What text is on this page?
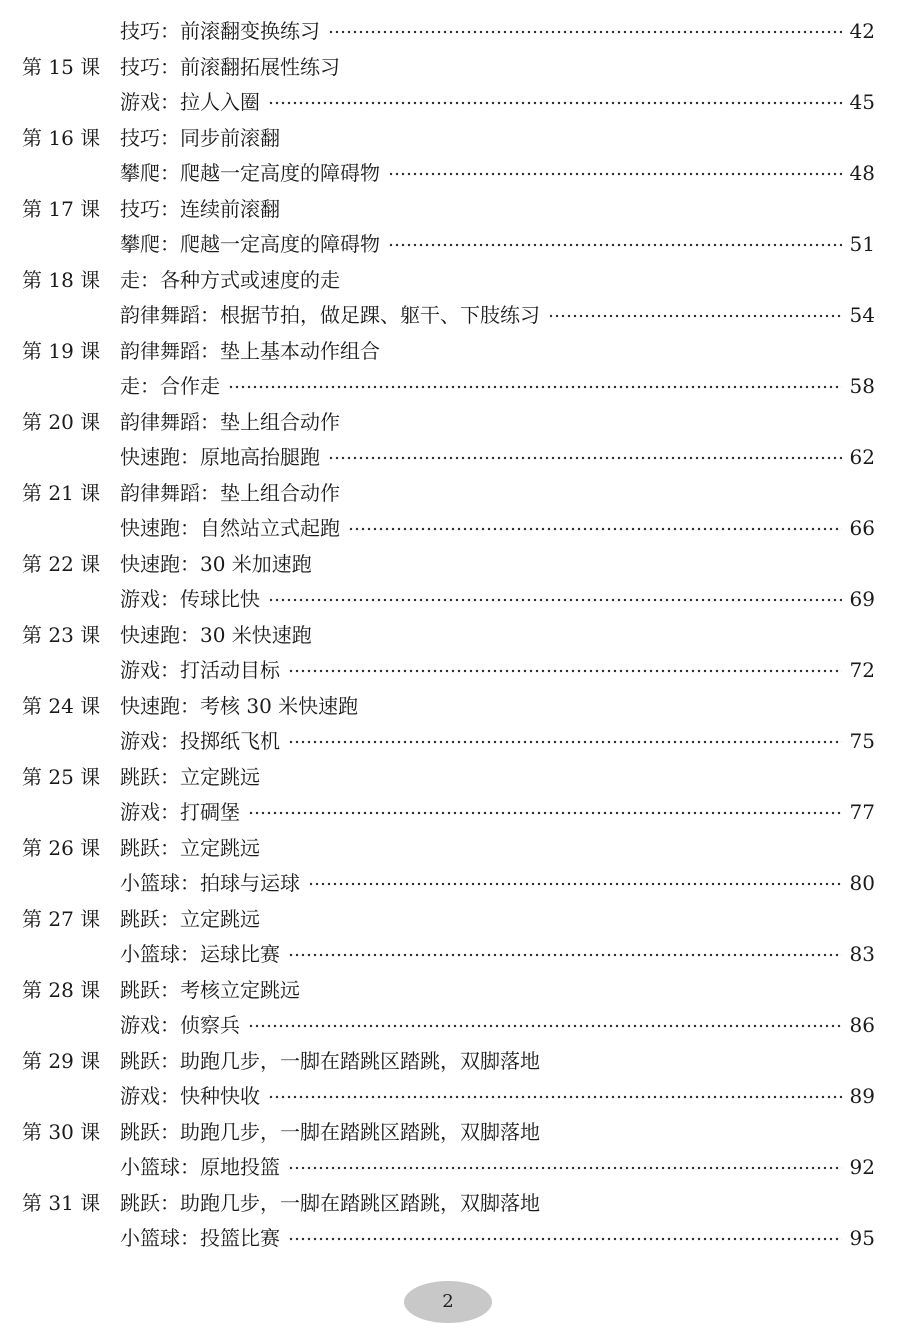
技巧：前滚翻变换练习	42
第 15 课 技巧：前滚翻拓展性练习
游戏：拉人入圈	45
第 16 课 技巧：同步前滚翻
攀爬：爬越一定高度的障碍物	48
第 17 课 技巧：连续前滚翻
攀爬：爬越一定高度的障碍物	51
第 18 课 走：各种方式或速度的走
韵律舞蹈：根据节拍，做足踝、躯干、下肢练习	54
第 19 课 韵律舞蹈：垫上基本动作组合
走：合作走	58
第 20 课 韵律舞蹈：垫上组合动作
快速跑：原地高抬腿跑	62
第 21 课 韵律舞蹈：垫上组合动作
快速跑：自然站立式起跑	66
第 22 课 快速跑：30 米加速跑
游戏：传球比快	69
第 23 课 快速跑：30 米快速跑
游戏：打活动目标	72
第 24 课 快速跑：考核 30 米快速跑
游戏：投掷纸飞机	75
第 25 课 跳跃：立定跳远
游戏：打碉堡	77
第 26 课 跳跃：立定跳远
小篮球：拍球与运球	80
第 27 课 跳跃：立定跳远
小篮球：运球比赛	83
第 28 课 跳跃：考核立定跳远
游戏：侦察兵	86
第 29 课 跳跃：助跑几步，一脚在踏跳区踏跳，双脚落地
游戏：快种快收	89
第 30 课 跳跃：助跑几步，一脚在踏跳区踏跳，双脚落地
小篮球：原地投篮	92
第 31 课 跳跃：助跑几步，一脚在踏跳区踏跳，双脚落地
小篮球：投篮比赛	95
2
